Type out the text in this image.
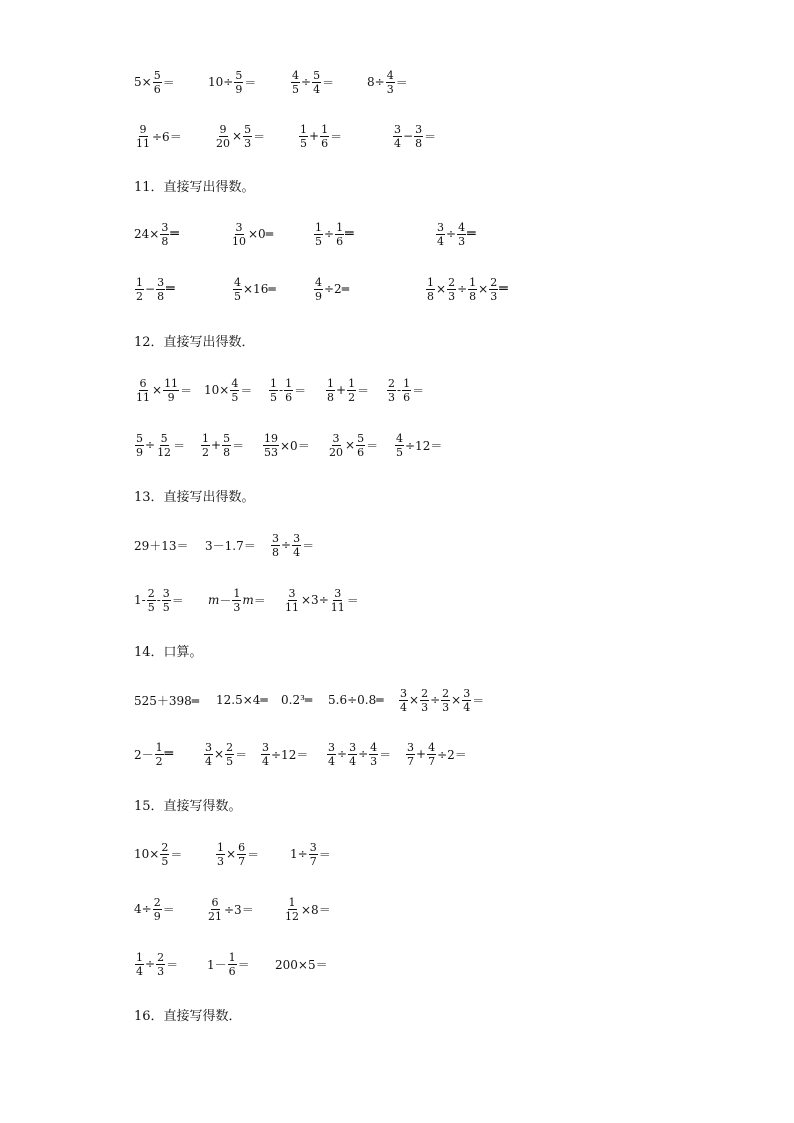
11．直接写出得数。
12．直接写出得数．
13．直接写出得数。
14．口算。
15．直接写得数。
16．直接写得数．
$5\times \frac{5}{6}$ ＝	$10\div \frac{5}{9}$ ＝	$\frac{4}{5} \div \frac{5}{4}$ ＝	$8\div \frac{4}{3}$ ＝
$\frac{9}{11} \div 6=$	$\frac{9}{20} \times \frac{5}{3}$ ＝	$\frac{1}{5} + \frac{1}{6}$ ＝	$\frac{3}{4} - \frac{3}{8}$ ＝
$24\times \frac{3}{8}$ ═	$\frac{3}{10}$ ×0═	$\frac{1}{5} \div \frac{1}{6}$ ═	$\frac{3}{4} \div \frac{4}{3}$ ═
$\frac{1}{2} - \frac{3}{8}$ ═	$\frac{4}{5}$ ×16═	$\frac{4}{9}$ ÷2═	$\frac{1}{8} \times \frac{2}{3} \div \frac{1}{8} \times \frac{2}{3}$ ═
$\frac{6}{11} \times \frac{11}{9} = 10\times \frac{4}{5} = \frac{1}{5} - \frac{1}{6} = \frac{1}{8} + \frac{1}{2} = \frac{2}{3} - \frac{1}{6}$ ＝
$\frac{5}{9} \div \frac{5}{12} = \frac{1}{2} + \frac{5}{8} = \frac{19}{53} \times 0= \frac{3}{20} \times \frac{5}{6} = \frac{4}{5} \div 12=$
$29+13= 3-1.7= \frac{3}{8} \div \frac{3}{4}$ ＝
$1- \frac{2}{5} - \frac{3}{5} = m - \frac{1}{3}$ $m = \frac{3}{11} \times 3\div \frac{3}{11}$ ＝
525＋398═ 12.5×4═ 0.2³═ 5.6÷0.8═ $\frac{3}{4} \times \frac{2}{3} \div \frac{2}{3} \times \frac{3}{4}$ ＝
$2- \frac{1}{2}$ ═	$\frac{3}{4} \times \frac{2}{5} = \frac{3}{4} \div 12= \frac{3}{4} \div \frac{3}{4} \div \frac{4}{3} = \frac{3}{7} + \frac{4}{7} \div 2=$
$10\times \frac{2}{5}$ ＝	$\frac{1}{3} \times \frac{6}{7}$ ＝	$1\div \frac{3}{7}$ ＝
$4\div \frac{2}{9}$ ＝	$\frac{6}{21} \div 3=$	$\frac{1}{12} \times 8=$
$\frac{1}{4} \div \frac{2}{3} = 1- \frac{1}{6} = 200\times 5=$
